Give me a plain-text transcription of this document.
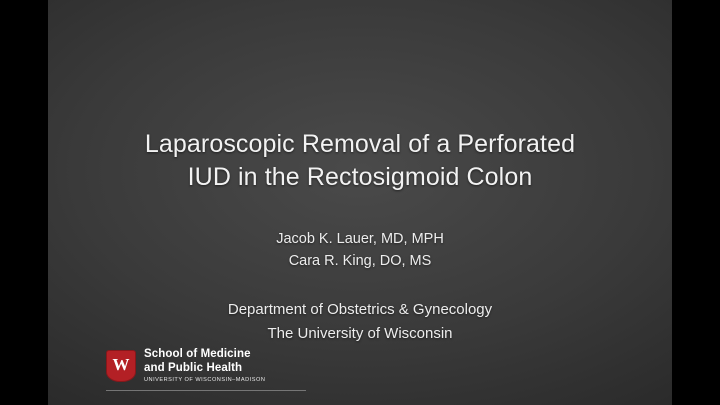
Laparoscopic Removal of a Perforated
IUD in the Rectosigmoid Colon
Jacob K. Lauer, MD, MPH
Cara R. King, DO, MS
Department of Obstetrics & Gynecology
The University of Wisconsin
W
School of Medicine
and Public Health
UNIVERSITY OF WISCONSIN–MADISON
